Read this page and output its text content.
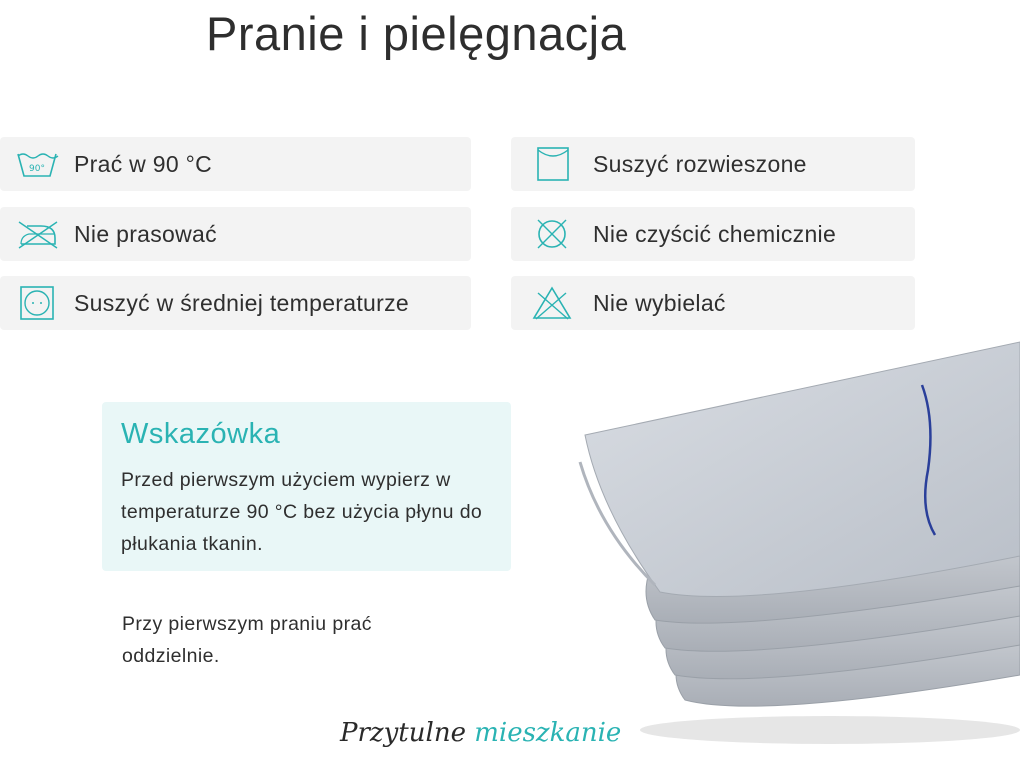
Pranie i pielęgnacja
90° Prać w 90 °C
Nie prasować
Suszyć w średniej temperaturze
Suszyć rozwieszone
Nie czyścić chemicznie
Nie wybielać
Wskazówka
Przed pierwszym użyciem wypierz w temperaturze 90 °C bez użycia płynu do płukania tkanin.
Przy pierwszym praniu prać oddzielnie.
Przytulne mieszkanie
